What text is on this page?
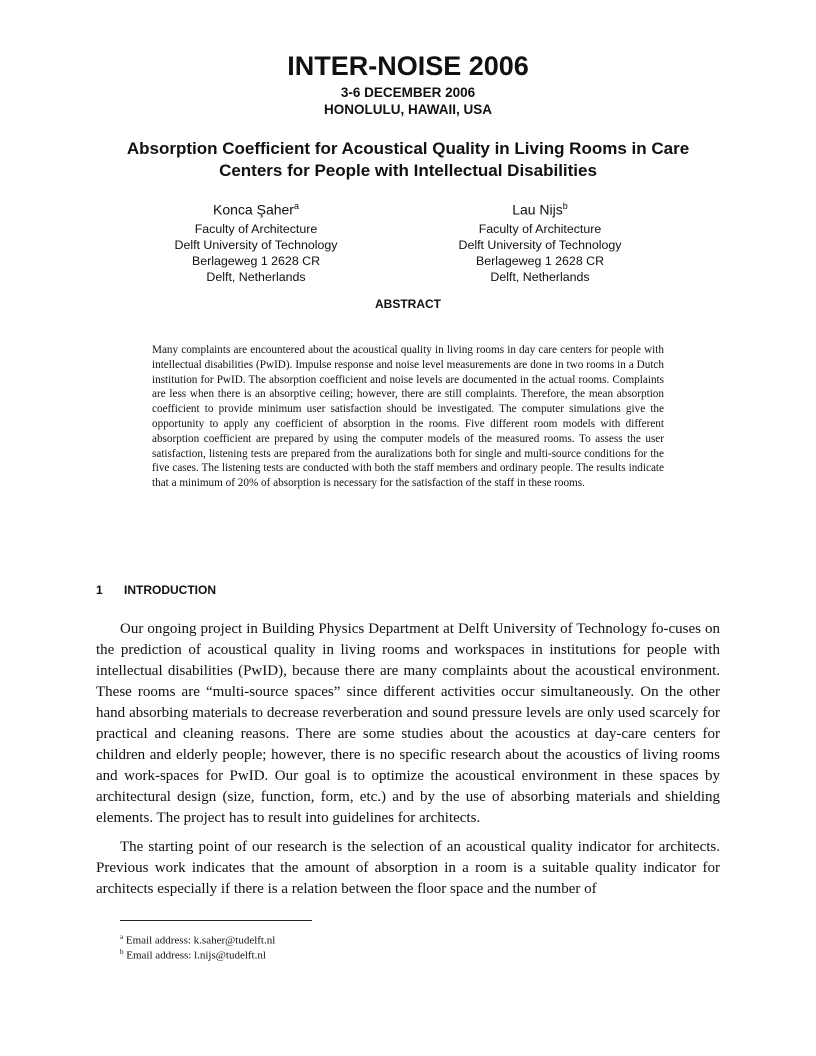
INTER-NOISE 2006
3-6 DECEMBER 2006
HONOLULU, HAWAII, USA
Absorption Coefficient for Acoustical Quality in Living Rooms in Care Centers for People with Intellectual Disabilities
Konca Şaher$^a$
Faculty of Architecture
Delft University of Technology
Berlageweg 1 2628 CR
Delft, Netherlands
Lau Nijs$^b$
Faculty of Architecture
Delft University of Technology
Berlageweg 1 2628 CR
Delft, Netherlands
ABSTRACT

Many complaints are encountered about the acoustical quality in living rooms in day care centers for people with intellectual disabilities (PwID). Impulse response and noise level measurements are done in two rooms in a Dutch institution for PwID. The absorption coefficient and noise levels are documented in the actual rooms. Complaints are less when there is an absorptive ceiling; however, there are still complaints. Therefore, the mean absorption coefficient to provide minimum user satisfaction should be investigated. The computer simulations give the opportunity to apply any coefficient of absorption in the rooms. Five different room models with different absorption coefficient are prepared by using the computer models of the measured rooms. To assess the user satisfaction, listening tests are prepared from the auralizations both for single and multi-source conditions for the five cases. The listening tests are conducted with both the staff members and ordinary people. The results indicate that a minimum of 20% of absorption is necessary for the satisfaction of the staff in these rooms.

1 INTRODUCTION

Our ongoing project in Building Physics Department at Delft University of Technology fo-cuses on the prediction of acoustical quality in living rooms and workspaces in institutions for people with intellectual disabilities (PwID), because there are many complaints about the acoustical environment. These rooms are “multi-source spaces” since different activities occur simultaneously. On the other hand absorbing materials to decrease reverberation and sound pressure levels are only used scarcely for practical and cleaning reasons. There are some studies about the acoustics at day-care centers for children and elderly people; however, there is no specific research about the acoustics of living rooms and work-spaces for PwID. Our goal is to optimize the acoustical environment in these spaces by architectural design (size, function, form, etc.) and by the use of absorbing materials and shielding elements. The project has to result into guidelines for architects.

The starting point of our research is the selection of an acoustical quality indicator for architects. Previous work indicates that the amount of absorption in a room is a suitable quality indicator for architects especially if there is a relation between the floor space and the number of

$^a$ Email address: k.saher@tudelft.nl
$^b$ Email address: l.nijs@tudelft.nl
